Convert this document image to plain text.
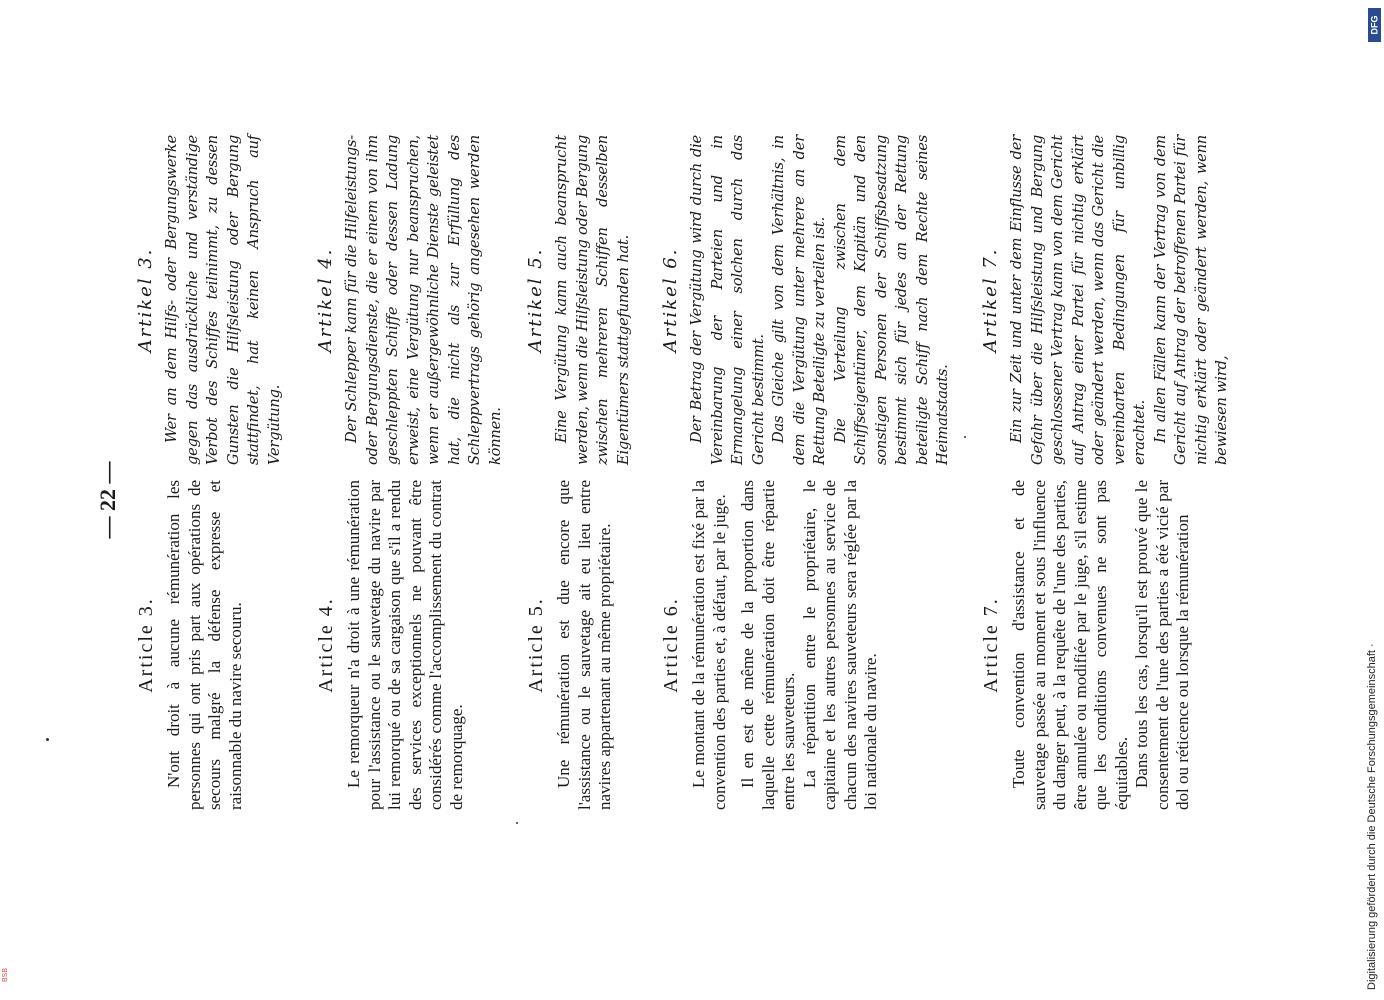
— 22 —
Article 3. N'ont droit à aucune rémunération les personnes qui ont pris part aux opérations de secours malgré la défense expresse et raisonnable du navire secouru.	Article 4. Le remorqueur n'a droit à une rémunération pour l'assistance ou le sauvetage du navire par lui remorqué ou de sa cargaison que s'il a rendu des services exceptionnels ne pouvant être considérés comme l'accomplissement du contrat de remorquage.

Article 5. Une rémunération est due encore que l'assistance ou le sauvetage ait eu lieu entre navires appartenant au même propriétaire. Article 6. Le montant de la rémunération est fixé par la convention des parties et, à défaut, par le juge. Il en est de même de la proportion dans laquelle cette rémunération doit être répartie entre les sauveteurs. La répartition entre le propriétaire, le capitaine et les autres personnes au service de chacun des navires sauveteurs sera réglée par la loi nationale du navire.

Article 7. Toute convention d'assistance et de sauvetage passée au moment et sous l'influence du danger peut, à la requête de l'une des parties, être annulée ou modifiée par le juge, s'il estime que les conditions convenues ne sont pas équitables. Dans tous les cas, lorsqu'il est prouvé que le consentement de l'une des parties a été vicié par dol ou réticence ou lorsque la rémunération

Artikel 3. Wer an dem Hilfs- oder Bergungswerke gegen das ausdrückliche und verständige Verbot des Schiffes teilnimmt, zu dessen Gunsten die Hilfsleistung oder Bergung stattfindet, hat keinen Anspruch auf Vergütung.

Artikel 4. Der Schlepper kann für die Hilfeleistungs- oder Bergungsdienste, die er einem von ihm geschleppten Schiffe oder dessen Ladung erweist, eine Vergütung nur beanspruchen, wenn er außergewöhnliche Dienste geleistet hat, die nicht als zur Erfüllung des Schleppvertrags gehörig angesehen werden können.

Artikel 5. Eine Vergütung kann auch beansprucht werden, wenn die Hilfsleistung oder Bergung zwischen mehreren Schiffen desselben Eigentümers stattgefunden hat. Artikel 6. Der Betrag der Vergütung wird durch die Vereinbarung der Parteien und in Ermangelung einer solchen durch das Gericht bestimmt. Das Gleiche gilt von dem Verhältnis, in dem die Vergütung unter mehrere an der Rettung Beteiligte zu verteilen ist. Die Verteilung zwischen dem Schiffseigentümer, dem Kapitän und den sonstigen Personen der Schiffsbesatzung bestimmt sich für jedes an der Rettung beteiligte Schiff nach dem Rechte seines Heimatstaats.

Artikel 7. Ein zur Zeit und unter dem Einflusse der Gefahr über die Hilfsleistung und Bergung geschlossener Vertrag kann von dem Gericht auf Antrag einer Partei für nichtig erklärt oder geändert werden, wenn das Gericht die vereinbarten Bedingungen für unbillig erachtet. In allen Fällen kann der Vertrag von dem Gericht auf Antrag der betroffenen Partei für nichtig erklärt oder geändert werden, wenn bewiesen wird,

DFG
Digitalisierung gefördert durch die Deutsche Forschungsgemeinschaft ·
BSB
